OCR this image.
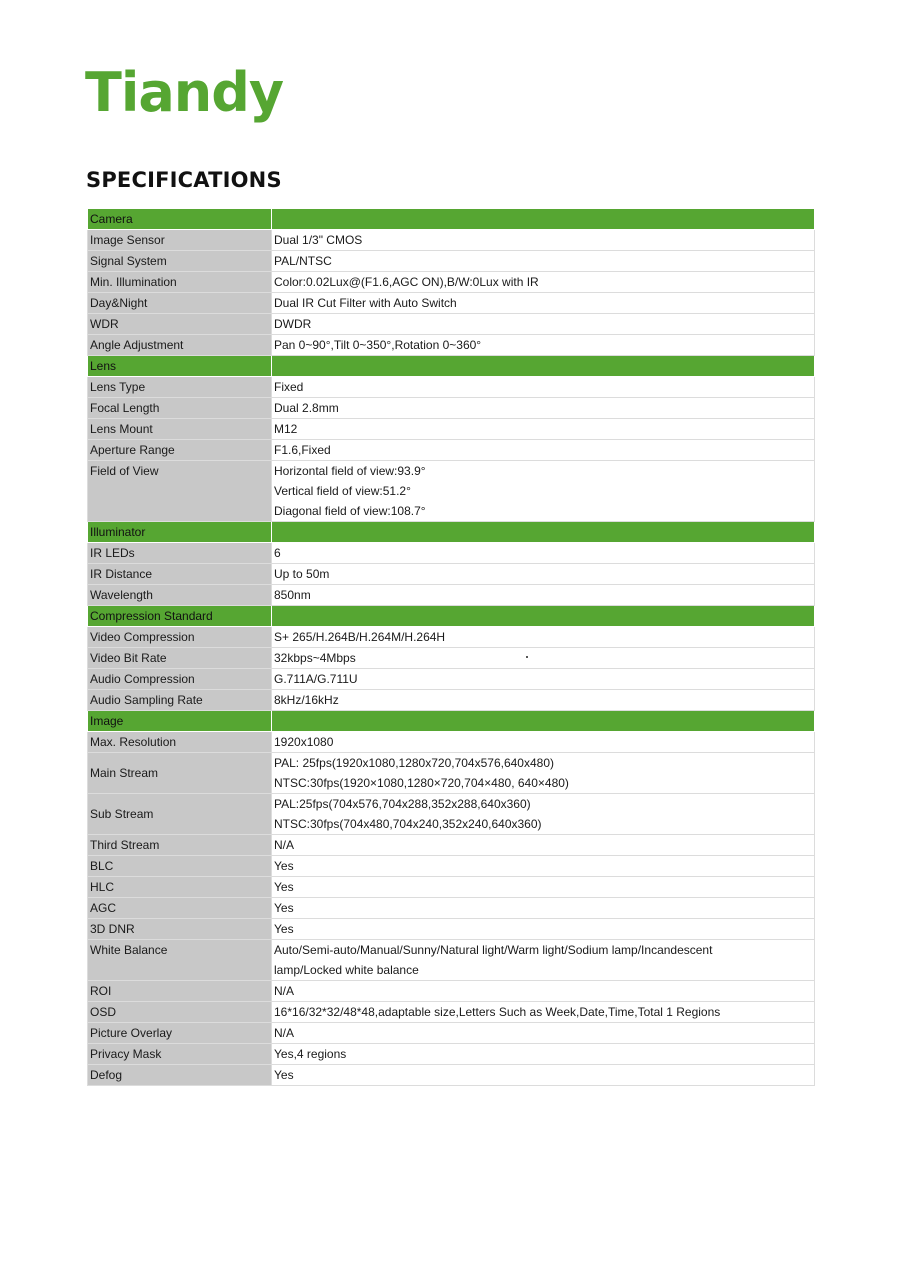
Tiandy
SPECIFICATIONS
Camera	

Image Sensor	Dual 1/3" CMOS

Signal System	PAL/NTSC

Min. Illumination	Color:0.02Lux@(F1.6,AGC ON),B/W:0Lux with IR

Day&Night	Dual IR Cut Filter with Auto Switch

WDR	DWDR

Angle Adjustment	Pan 0~90°,Tilt 0~350°,Rotation 0~360°

Lens	

Lens Type	Fixed

Focal Length	Dual 2.8mm

Lens Mount	M12

Aperture Range	F1.6,Fixed

Field of View	Horizontal field of view:93.9°
Vertical field of view:51.2°
Diagonal field of view:108.7°

Illuminator	

IR LEDs	6

IR Distance	Up to 50m

Wavelength	850nm

Compression Standard	

Video Compression	S+ 265/H.264B/H.264M/H.264H

Video Bit Rate	32kbps~4Mbps

Audio Compression	G.711A/G.711U

Audio Sampling Rate	8kHz/16kHz

Image	

Max. Resolution	1920x1080

Main Stream	PAL: 25fps(1920x1080,1280x720,704x576,640x480)
NTSC:30fps(1920×1080,1280×720,704×480, 640×480)

Sub Stream	PAL:25fps(704x576,704x288,352x288,640x360)
NTSC:30fps(704x480,704x240,352x240,640x360)

Third Stream	N/A

BLC	Yes

HLC	Yes

AGC	Yes

3D DNR	Yes

White Balance	Auto/Semi-auto/Manual/Sunny/Natural light/Warm light/Sodium lamp/Incandescent
lamp/Locked white balance

ROI	N/A

OSD	16*16/32*32/48*48,adaptable size,Letters Such as Week,Date,Time,Total 1 Regions

Picture Overlay	N/A

Privacy Mask	Yes,4 regions

Defog	Yes
